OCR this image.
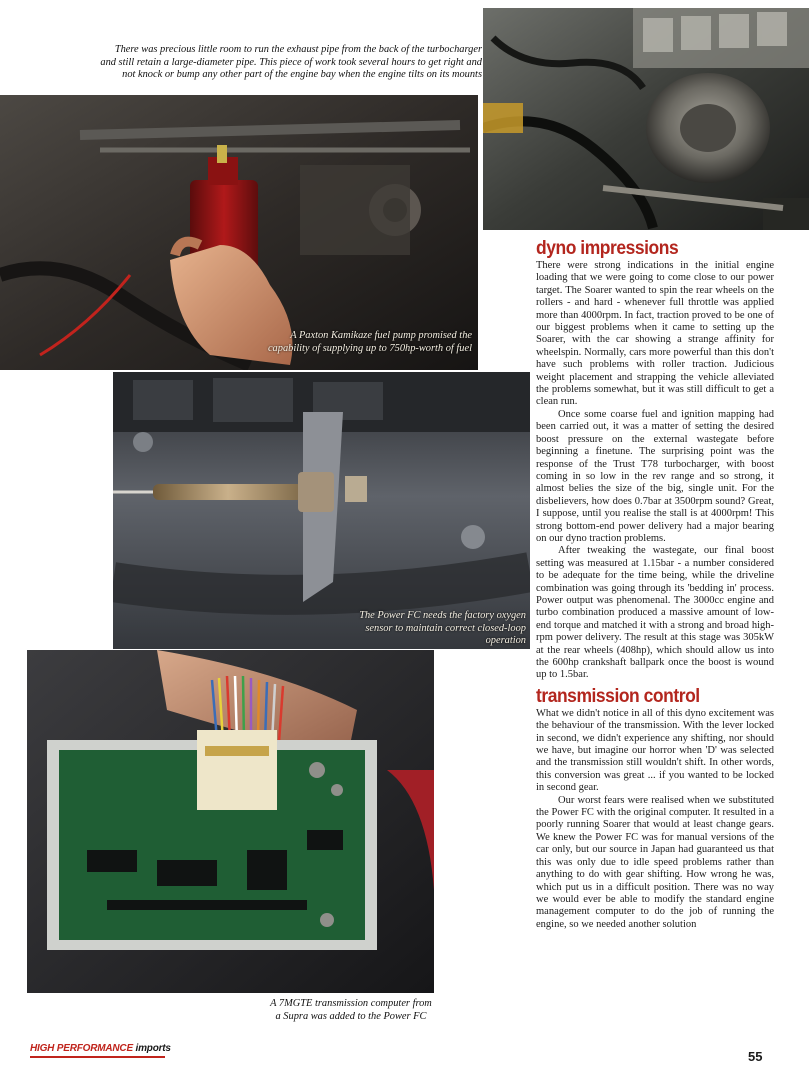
There was precious little room to run the exhaust pipe from the back of the turbocharger and still retain a large-diameter pipe. This piece of work took several hours to get right and not knock or bump any other part of the engine bay when the engine tilts on its mounts
A Paxton Kamikaze fuel pump promised the capability of supplying up to 750hp-worth of fuel
The Power FC needs the factory oxygen sensor to maintain correct closed-loop operation
A 7MGTE transmission computer from a Supra was added to the Power FC
dyno impressions

There were strong indications in the initial engine loading that we were going to come close to our power target. The Soarer wanted to spin the rear wheels on the rollers - and hard - whenever full throttle was applied more than 4000rpm. In fact, traction proved to be one of our biggest problems when it came to setting up the Soarer, with the car showing a strange affinity for wheelspin. Normally, cars more powerful than this don't have such problems with roller traction. Judicious weight placement and strapping the vehicle alleviated the problems somewhat, but it was still difficult to get a clean run.

Once some coarse fuel and ignition mapping had been carried out, it was a matter of setting the desired boost pressure on the external wastegate before beginning a finetune. The surprising point was the response of the Trust T78 turbocharger, with boost coming in so low in the rev range and so strong, it almost belies the size of the big, single unit. For the disbelievers, how does 0.7bar at 3500rpm sound? Great, I suppose, until you realise the stall is at 4000rpm! This strong bottom-end power delivery had a major bearing on our dyno traction problems.

After tweaking the wastegate, our final boost setting was measured at 1.15bar - a number considered to be adequate for the time being, while the driveline combination was going through its 'bedding in' process. Power output was phenomenal. The 3000cc engine and turbo combination produced a massive amount of low-end torque and matched it with a strong and broad high-rpm power delivery. The result at this stage was 305kW at the rear wheels (408hp), which should allow us into the 600hp crankshaft ballpark once the boost is wound up to 1.5bar.

transmission control

What we didn't notice in all of this dyno excitement was the behaviour of the transmission. With the lever locked in second, we didn't experience any shifting, nor should we have, but imagine our horror when 'D' was selected and the transmission still wouldn't shift. In other words, this conversion was great ... if you wanted to be locked in second gear.

Our worst fears were realised when we substituted the Power FC with the original computer. It resulted in a poorly running Soarer that would at least change gears. We knew the Power FC was for manual versions of the car only, but our source in Japan had guaranteed us that this was only due to idle speed problems rather than anything to do with gear shifting. How wrong he was, which put us in a difficult position. There was no way we would ever be able to modify the standard engine management computer to do the job of running the engine, so we needed another solution

HIGH PERFORMANCE imports
55
